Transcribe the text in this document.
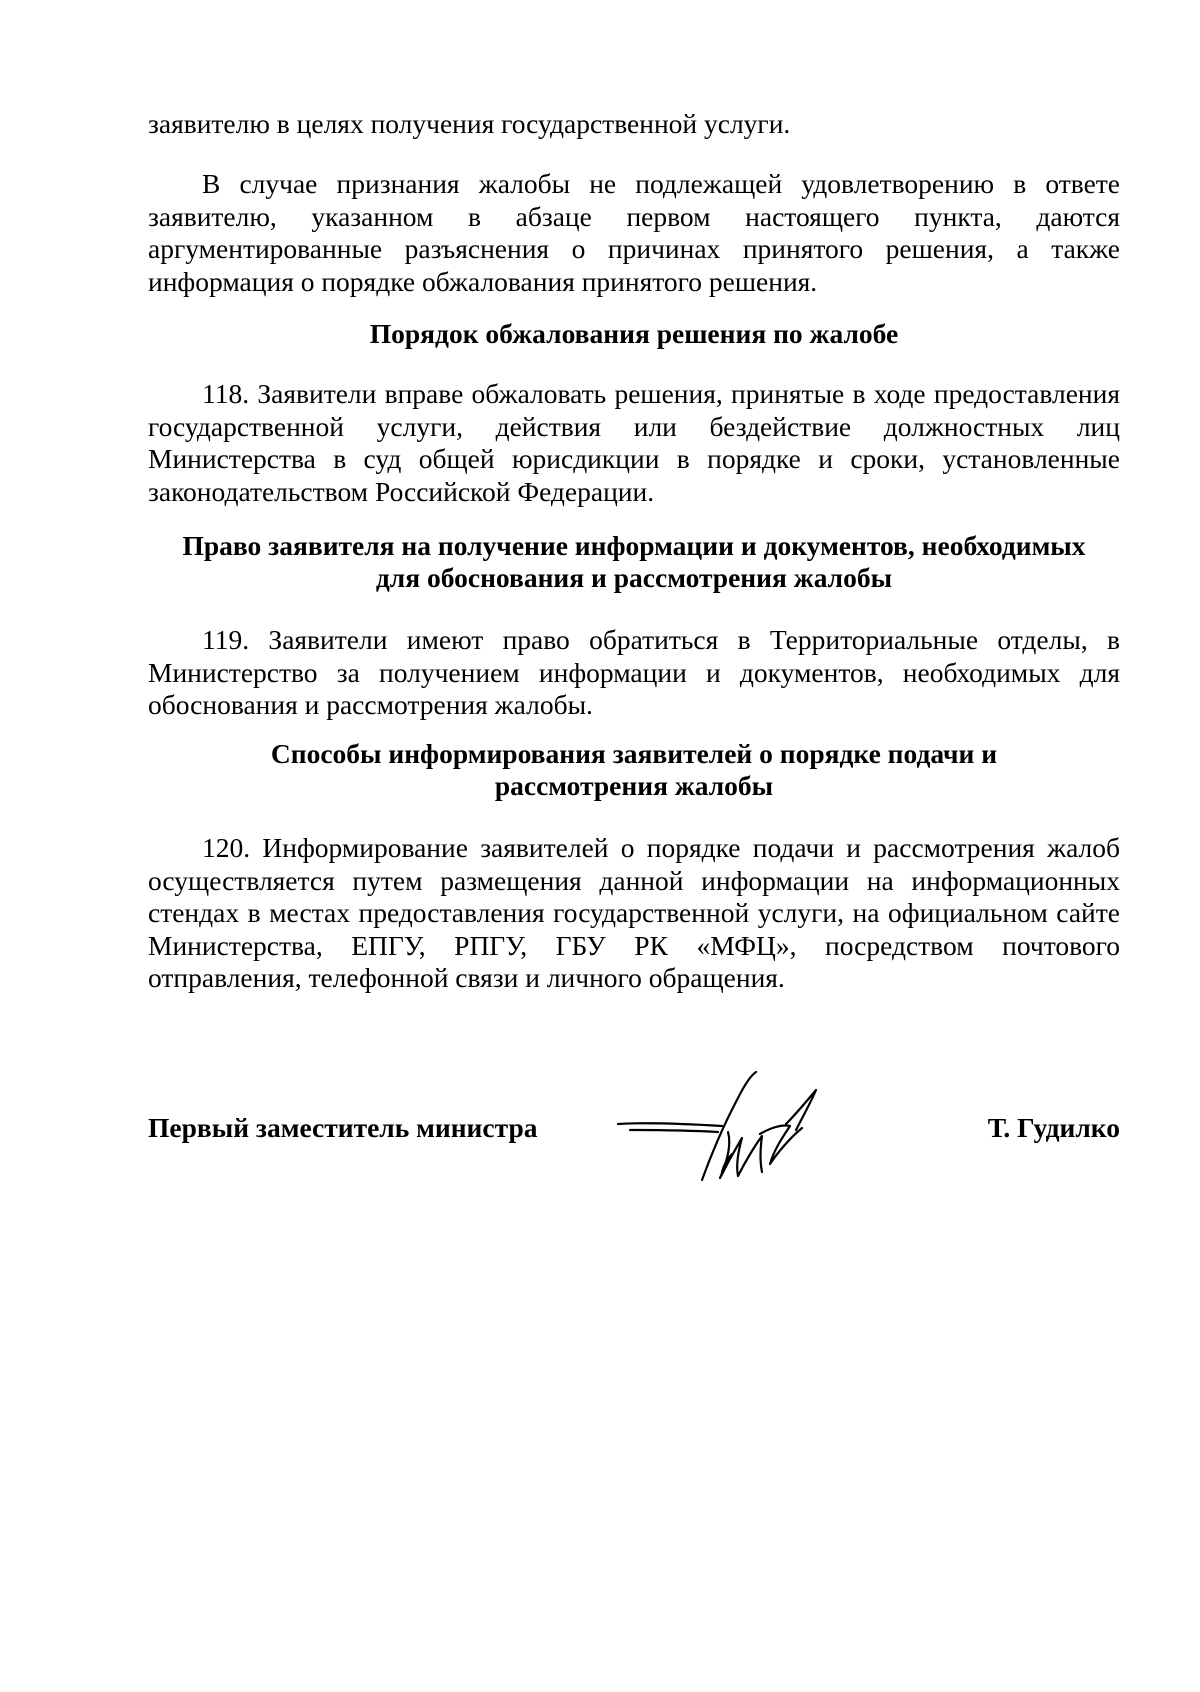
заявителю в целях получения государственной услуги.

В случае признания жалобы не подлежащей удовлетворению в ответе заявителю, указанном в абзаце первом настоящего пункта, даются аргументированные разъяснения о причинах принятого решения, а также информация о порядке обжалования принятого решения.

Порядок обжалования решения по жалобе

118. Заявители вправе обжаловать решения, принятые в ходе предоставления государственной услуги, действия или бездействие должностных лиц Министерства в суд общей юрисдикции в порядке и сроки, установленные законодательством Российской Федерации.

Право заявителя на получение информации и документов, необходимых
для обоснования и рассмотрения жалобы

119. Заявители имеют право обратиться в Территориальные отделы, в Министерство за получением информации и документов, необходимых для обоснования и рассмотрения жалобы.

Способы информирования заявителей о порядке подачи и
рассмотрения жалобы

120. Информирование заявителей о порядке подачи и рассмотрения жалоб осуществляется путем размещения данной информации на информационных стендах в местах предоставления государственной услуги, на официальном сайте Министерства, ЕПГУ, РПГУ, ГБУ РК «МФЦ», посредством почтового отправления, телефонной связи и личного обращения.

Первый заместитель министра	Т. Гудилко
